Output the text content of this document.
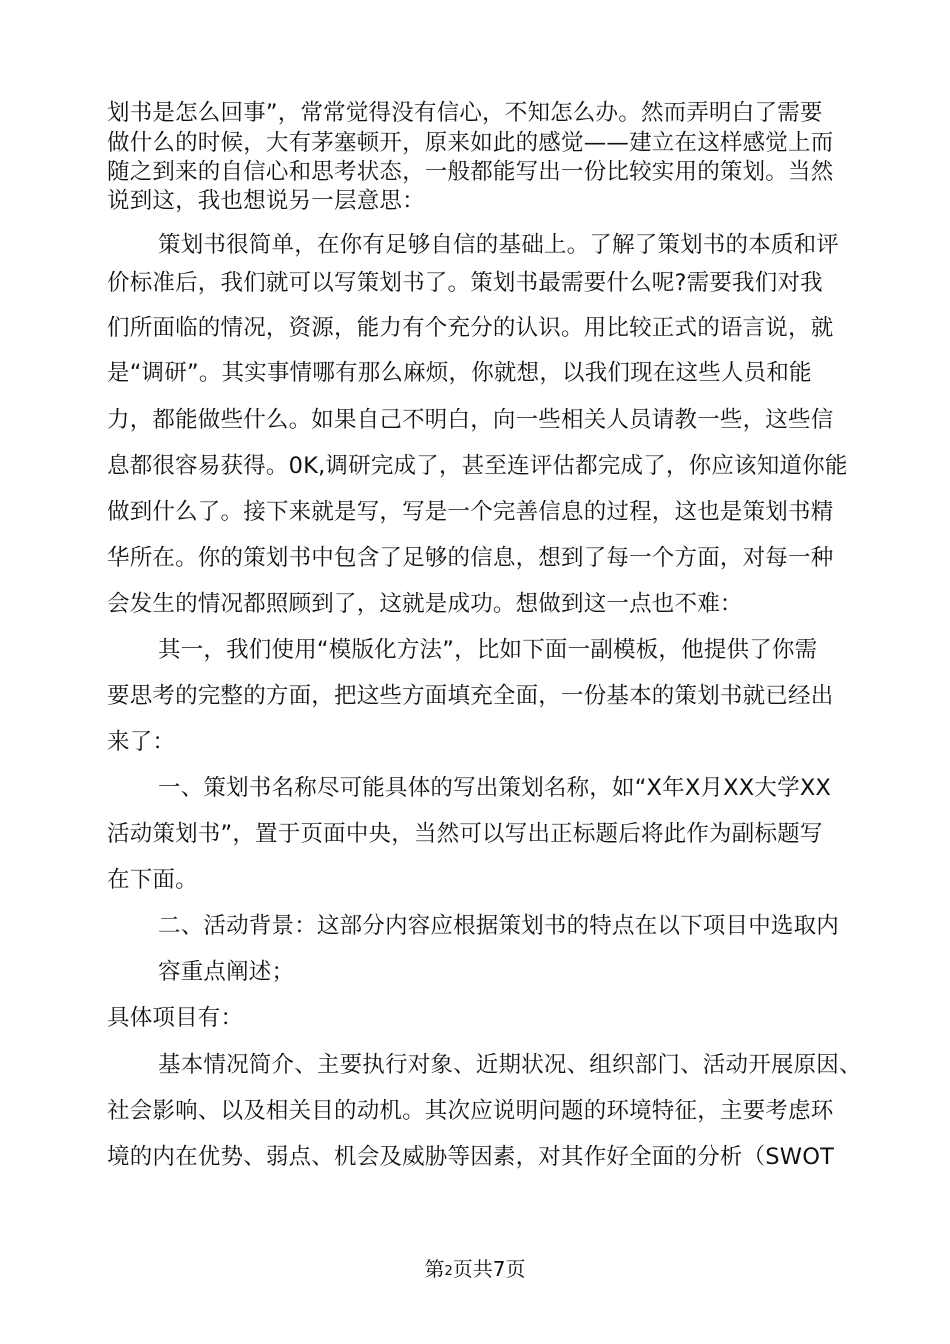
划书是怎么回事”，常常觉得没有信心，不知怎么办。然而弄明白了需要
做什么的时候，大有茅塞顿开，原来如此的感觉——建立在这样感觉上而
随之到来的自信心和思考状态，一般都能写出一份比较实用的策划。当然
说到这，我也想说另一层意思：
策划书很简单，在你有足够自信的基础上。了解了策划书的本质和评
价标准后，我们就可以写策划书了。策划书最需要什么呢?需要我们对我
们所面临的情况，资源，能力有个充分的认识。用比较正式的语言说，就
是“调研”。其实事情哪有那么麻烦，你就想，以我们现在这些人员和能
力，都能做些什么。如果自己不明白，向一些相关人员请教一些，这些信
息都很容易获得。0K,调研完成了，甚至连评估都完成了，你应该知道你能
做到什么了。接下来就是写，写是一个完善信息的过程，这也是策划书精
华所在。你的策划书中包含了足够的信息，想到了每一个方面，对每一种
会发生的情况都照顾到了，这就是成功。想做到这一点也不难：
其一，我们使用“模版化方法”，比如下面一副模板，他提供了你需
要思考的完整的方面，把这些方面填充全面，一份基本的策划书就已经出
来了：
一、策划书名称尽可能具体的写出策划名称，如“X年X月XX大学XX
活动策划书”，置于页面中央，当然可以写出正标题后将此作为副标题写
在下面。
二、活动背景：这部分内容应根据策划书的特点在以下项目中选取内
容重点阐述；
具体项目有：
基本情况简介、主要执行对象、近期状况、组织部门、活动开展原因、
社会影响、以及相关目的动机。其次应说明问题的环境特征，主要考虑环
境的内在优势、弱点、机会及威胁等因素，对其作好全面的分析（SWOT
第2页共7页
